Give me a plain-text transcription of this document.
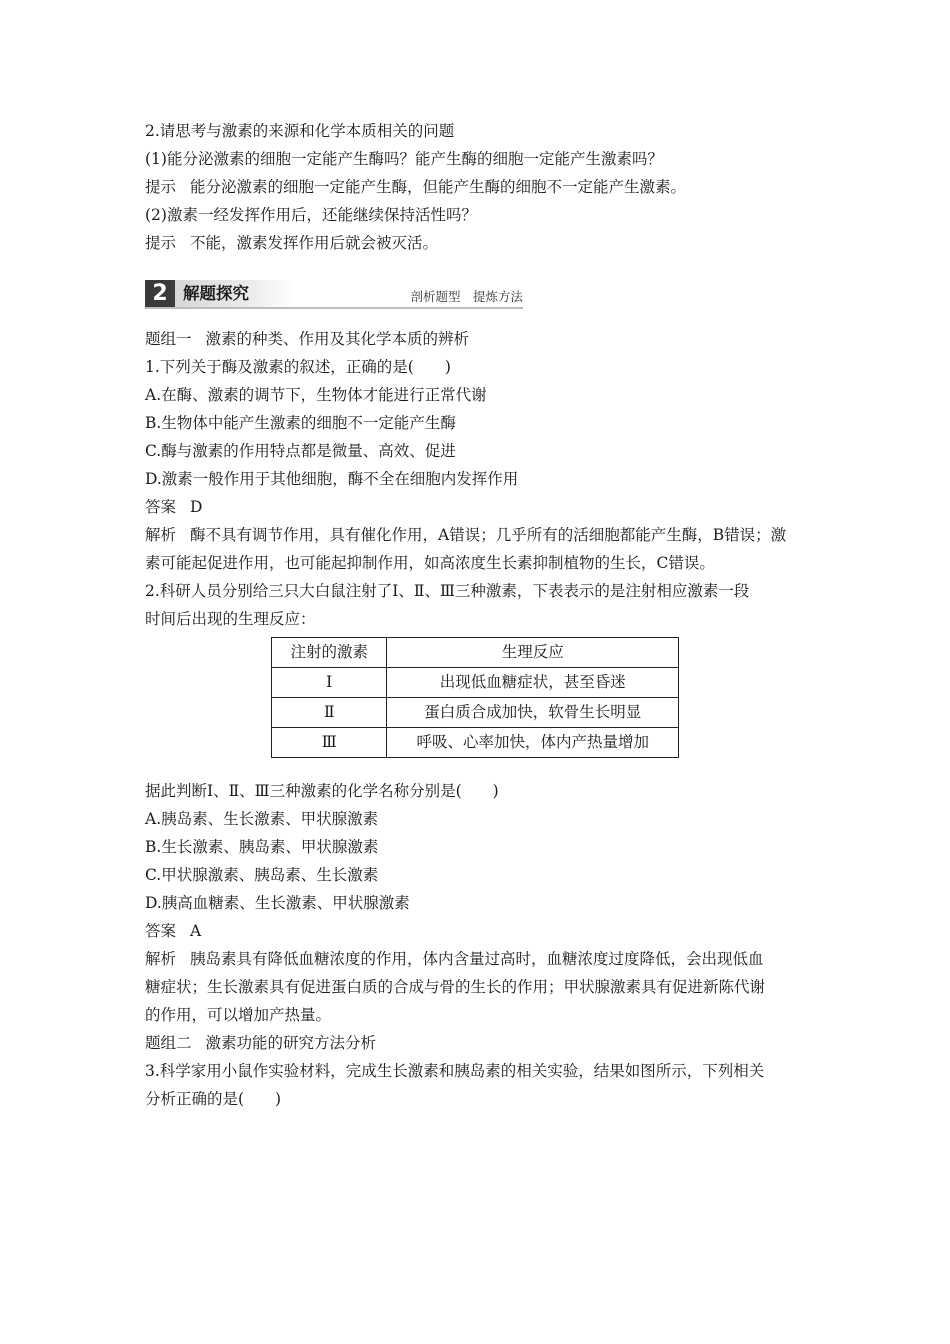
2.请思考与激素的来源和化学本质相关的问题
(1)能分泌激素的细胞一定能产生酶吗？能产生酶的细胞一定能产生激素吗？
提示 能分泌激素的细胞一定能产生酶，但能产生酶的细胞不一定能产生激素。
(2)激素一经发挥作用后，还能继续保持活性吗？
提示 不能，激素发挥作用后就会被灭活。
2 解题探究	剖析题型　提炼方法
题组一 激素的种类、作用及其化学本质的辨析
1.下列关于酶及激素的叙述，正确的是(　　)
A.在酶、激素的调节下，生物体才能进行正常代谢
B.生物体中能产生激素的细胞不一定能产生酶
C.酶与激素的作用特点都是微量、高效、促进
D.激素一般作用于其他细胞，酶不全在细胞内发挥作用
答案 D
解析 酶不具有调节作用，具有催化作用，A错误；几乎所有的活细胞都能产生酶，B错误；激
素可能起促进作用，也可能起抑制作用，如高浓度生长素抑制植物的生长，C错误。
2.科研人员分别给三只大白鼠注射了Ⅰ、Ⅱ、Ⅲ三种激素，下表表示的是注射相应激素一段
时间后出现的生理反应：
注射的激素	生理反应
Ⅰ	出现低血糖症状，甚至昏迷
Ⅱ	蛋白质合成加快，软骨生长明显
Ⅲ	呼吸、心率加快，体内产热量增加
据此判断Ⅰ、Ⅱ、Ⅲ三种激素的化学名称分别是(　　)
A.胰岛素、生长激素、甲状腺激素
B.生长激素、胰岛素、甲状腺激素
C.甲状腺激素、胰岛素、生长激素
D.胰高血糖素、生长激素、甲状腺激素
答案 A
解析 胰岛素具有降低血糖浓度的作用，体内含量过高时，血糖浓度过度降低，会出现低血
糖症状；生长激素具有促进蛋白质的合成与骨的生长的作用；甲状腺激素具有促进新陈代谢
的作用，可以增加产热量。
题组二 激素功能的研究方法分析
3.科学家用小鼠作实验材料，完成生长激素和胰岛素的相关实验，结果如图所示，下列相关
分析正确的是(　　)
